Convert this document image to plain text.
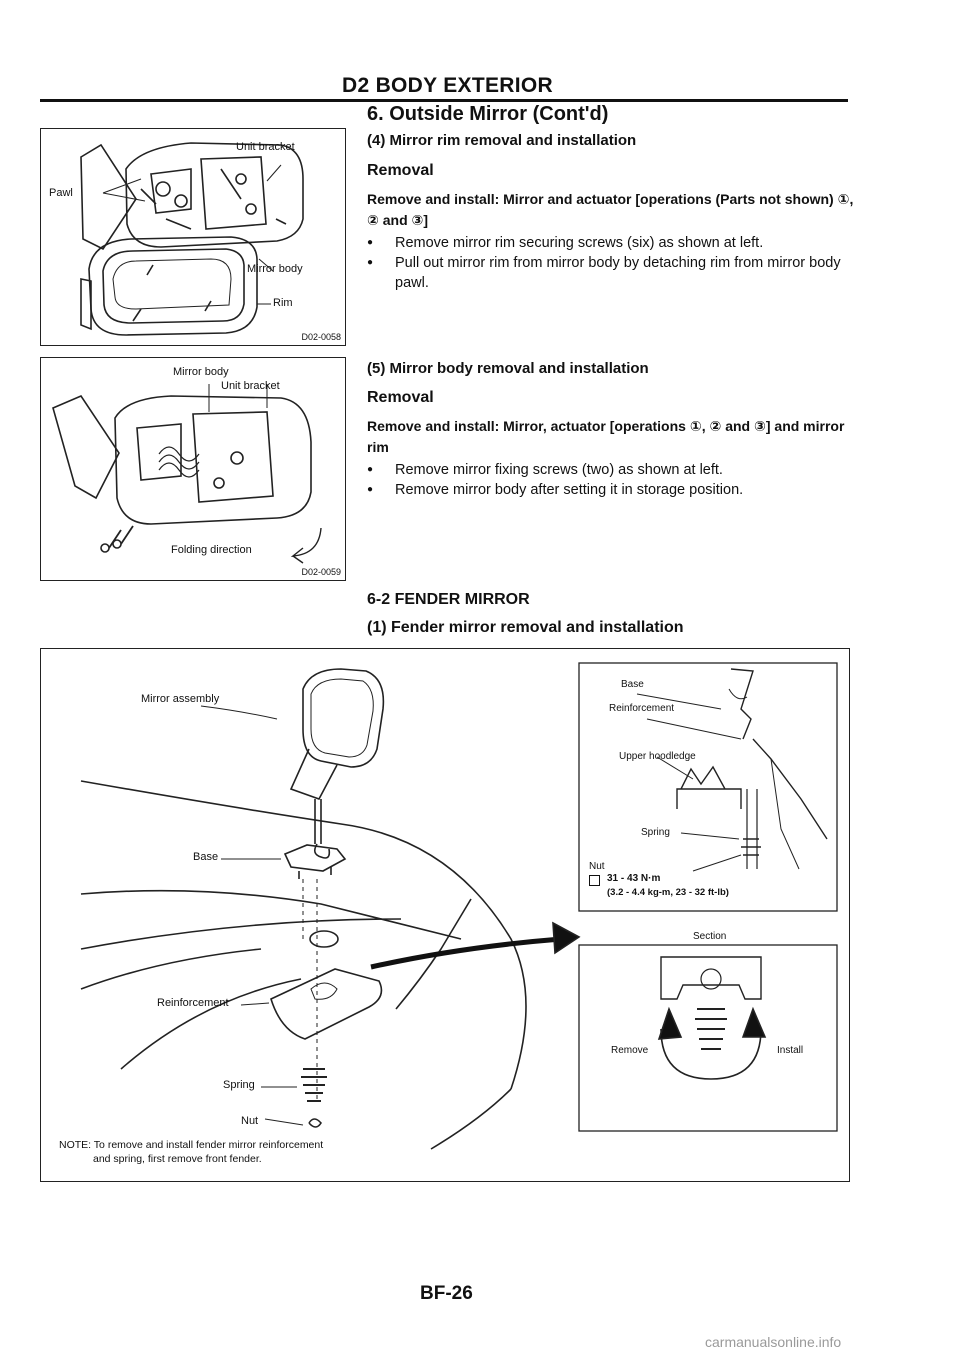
D2 BODY EXTERIOR
6. Outside Mirror (Cont'd)
Unit bracket
Pawl
Mirror body
Rim
D02-0058
(4) Mirror rim removal and installation
Removal
Remove and install: Mirror and actuator [operations (Parts not shown) ①, ② and ③]
● Remove mirror rim securing screws (six) as shown at left.
● Pull out mirror rim from mirror body by detaching rim from mirror body pawl.
Mirror body
Unit bracket
Folding direction
D02-0059
(5) Mirror body removal and installation
Removal
Remove and install: Mirror, actuator [operations ①, ② and ③] and mirror rim
● Remove mirror fixing screws (two) as shown at left.
● Remove mirror body after setting it in storage position.
6-2 FENDER MIRROR
(1) Fender mirror removal and installation
Mirror assembly
Base
Reinforcement
Spring
Nut
NOTE: To remove and install fender mirror reinforcement
and spring, first remove front fender.
Base
Reinforcement
Upper hoodledge
Spring
Nut
31 - 43 N·m
(3.2 - 4.4 kg-m, 23 - 32 ft-lb)
Section
Remove	Install
BF-26
carmanualsonline.info
